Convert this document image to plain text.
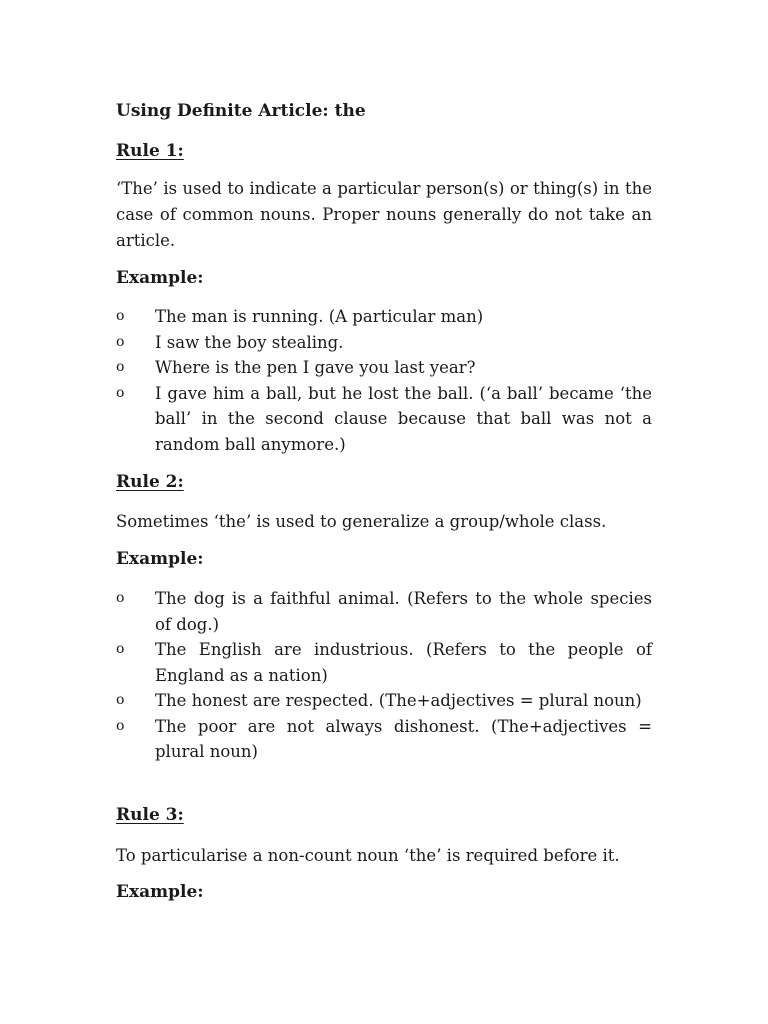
Using Definite Article: the
Rule 1:
‘The’ is used to indicate a particular person(s) or thing(s) in the case of common nouns. Proper nouns generally do not take an article.
Example:
o The man is running. (A particular man)
o I saw the boy stealing.
o Where is the pen I gave you last year?
o I gave him a ball, but he lost the ball. (‘a ball’ became ‘the ball’ in the second clause because that ball was not a random ball anymore.)
Rule 2:
Sometimes ‘the’ is used to generalize a group/whole class.
Example:
o The dog is a faithful animal. (Refers to the whole species of dog.)
o The English are industrious. (Refers to the people of England as a nation)
o The honest are respected. (The+adjectives = plural noun)
o The poor are not always dishonest. (The+adjectives = plural noun)
Rule 3:
To particularise a non-count noun ‘the’ is required before it.
Example:
